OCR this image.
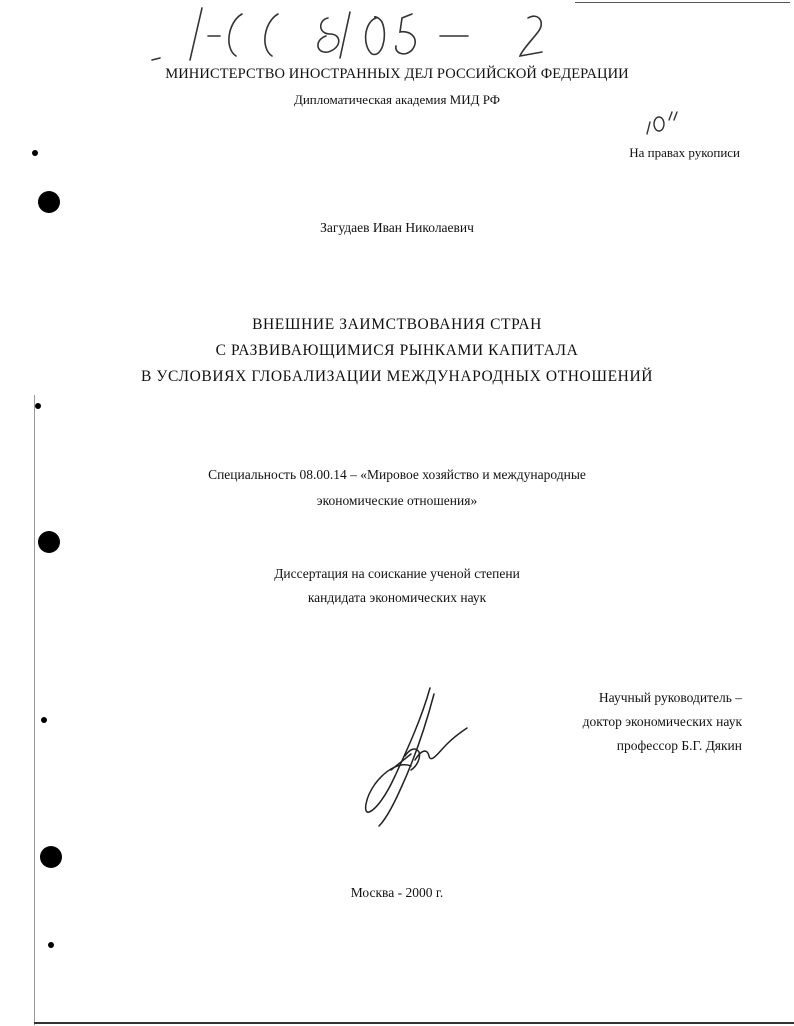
МИНИСТЕРСТВО ИНОСТРАННЫХ ДЕЛ РОССИЙСКОЙ ФЕДЕРАЦИИ
Дипломатическая академия МИД РФ
На правах рукописи
Загудаев Иван Николаевич
ВНЕШНИЕ ЗАИМСТВОВАНИЯ СТРАН
С РАЗВИВАЮЩИМИСЯ РЫНКАМИ КАПИТАЛА
В УСЛОВИЯХ ГЛОБАЛИЗАЦИИ МЕЖДУНАРОДНЫХ ОТНОШЕНИЙ
Специальность 08.00.14 – «Мировое хозяйство и международные
экономические отношения»
Диссертация на соискание ученой степени
кандидата экономических наук
Научный руководитель –
доктор экономических наук
профессор Б.Г. Дякин
Москва - 2000 г.
